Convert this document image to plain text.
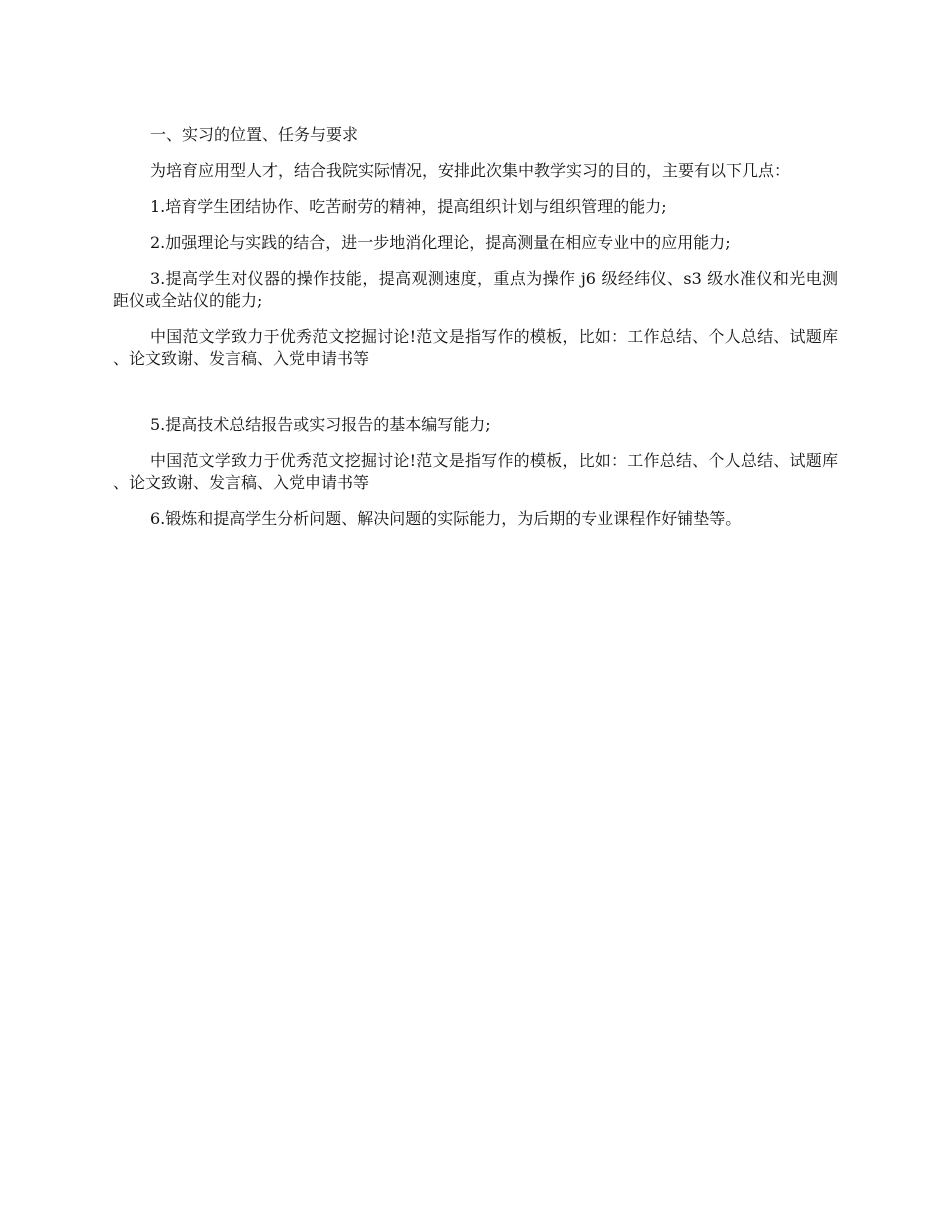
一、实习的位置、任务与要求

为培育应用型人才，结合我院实际情况，安排此次集中教学实习的目的，主要有以下几点：

1.培育学生团结协作、吃苦耐劳的精神，提高组织计划与组织管理的能力;

2.加强理论与实践的结合，进一步地消化理论，提高测量在相应专业中的应用能力;

3.提高学生对仪器的操作技能，提高观测速度，重点为操作 j6 级经纬仪、s3 级水准仪和光电测距仪或全站仪的能力;

中国范文学致力于优秀范文挖掘讨论!范文是指写作的模板，比如：工作总结、个人总结、试题库 、论文致谢、发言稿、入党申请书等

5.提高技术总结报告或实习报告的基本编写能力;

中国范文学致力于优秀范文挖掘讨论!范文是指写作的模板，比如：工作总结、个人总结、试题库 、论文致谢、发言稿、入党申请书等

6.锻炼和提高学生分析问题、解决问题的实际能力，为后期的专业课程作好铺垫等。
